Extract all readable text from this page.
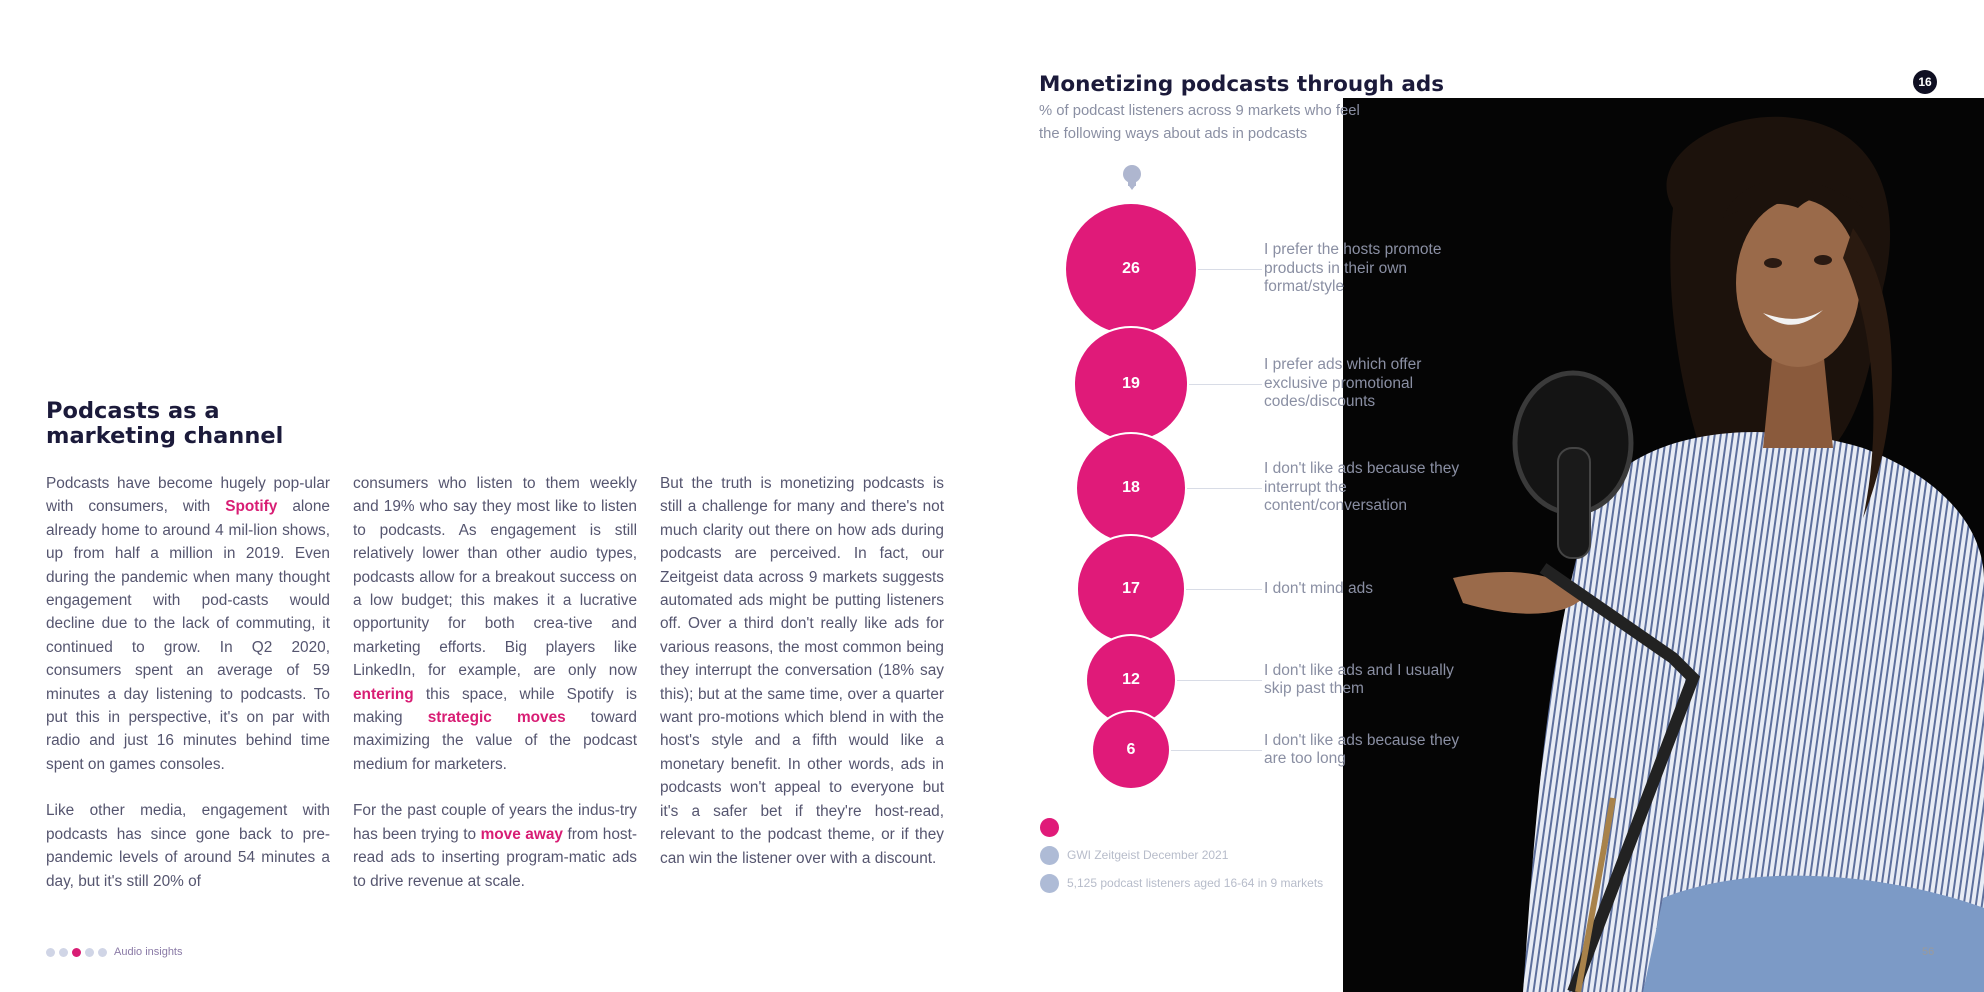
Podcasts as a
marketing channel

Podcasts have become hugely pop-ular with consumers, with Spotify alone already home to around 4 mil-lion shows, up from half a million in 2019. Even during the pandemic when many thought engagement with pod-casts would decline due to the lack of commuting, it continued to grow. In Q2 2020, consumers spent an average of 59 minutes a day listening to podcasts. To put this in perspective, it's on par with radio and just 16 minutes behind time spent on games consoles.

Like other media, engagement with podcasts has since gone back to pre-pandemic levels of around 54 minutes a day, but it's still 20% of

consumers who listen to them weekly and 19% who say they most like to listen to podcasts. As engagement is still relatively lower than other audio types, podcasts allow for a breakout success on a low budget; this makes it a lucrative opportunity for both crea-tive and marketing efforts. Big players like LinkedIn, for example, are only now entering this space, while Spotify is making strategic moves toward maximizing the value of the podcast medium for marketers.

For the past couple of years the indus-try has been trying to move away from host-read ads to inserting program-matic ads to drive revenue at scale.

But the truth is monetizing podcasts is still a challenge for many and there's not much clarity out there on how ads during podcasts are perceived. In fact, our Zeitgeist data across 9 markets suggests automated ads might be putting listeners off. Over a third don't really like ads for various reasons, the most common being they interrupt the conversation (18% say this); but at the same time, over a quarter want pro-motions which blend in with the host's style and a fifth would like a monetary benefit. In other words, ads in podcasts won't appeal to everyone but it's a safer bet if they're host-read, relevant to the podcast theme, or if they can win the listener over with a discount.

Audio insights
16
Monetizing podcasts through ads
% of podcast listeners across 9 markets who feel
the following ways about ads in podcasts
26
I prefer the hosts promote products in their own format/style
19
I prefer ads which offer exclusive promotional codes/discounts
18
I don't like ads because they interrupt the content/conversation
17	I don't mind ads
12
I don't like ads and I usually skip past them
6
I don't like ads because they are too long
GWI Zeitgeist December 2021
5,125 podcast listeners aged 16-64 in 9 markets
56
